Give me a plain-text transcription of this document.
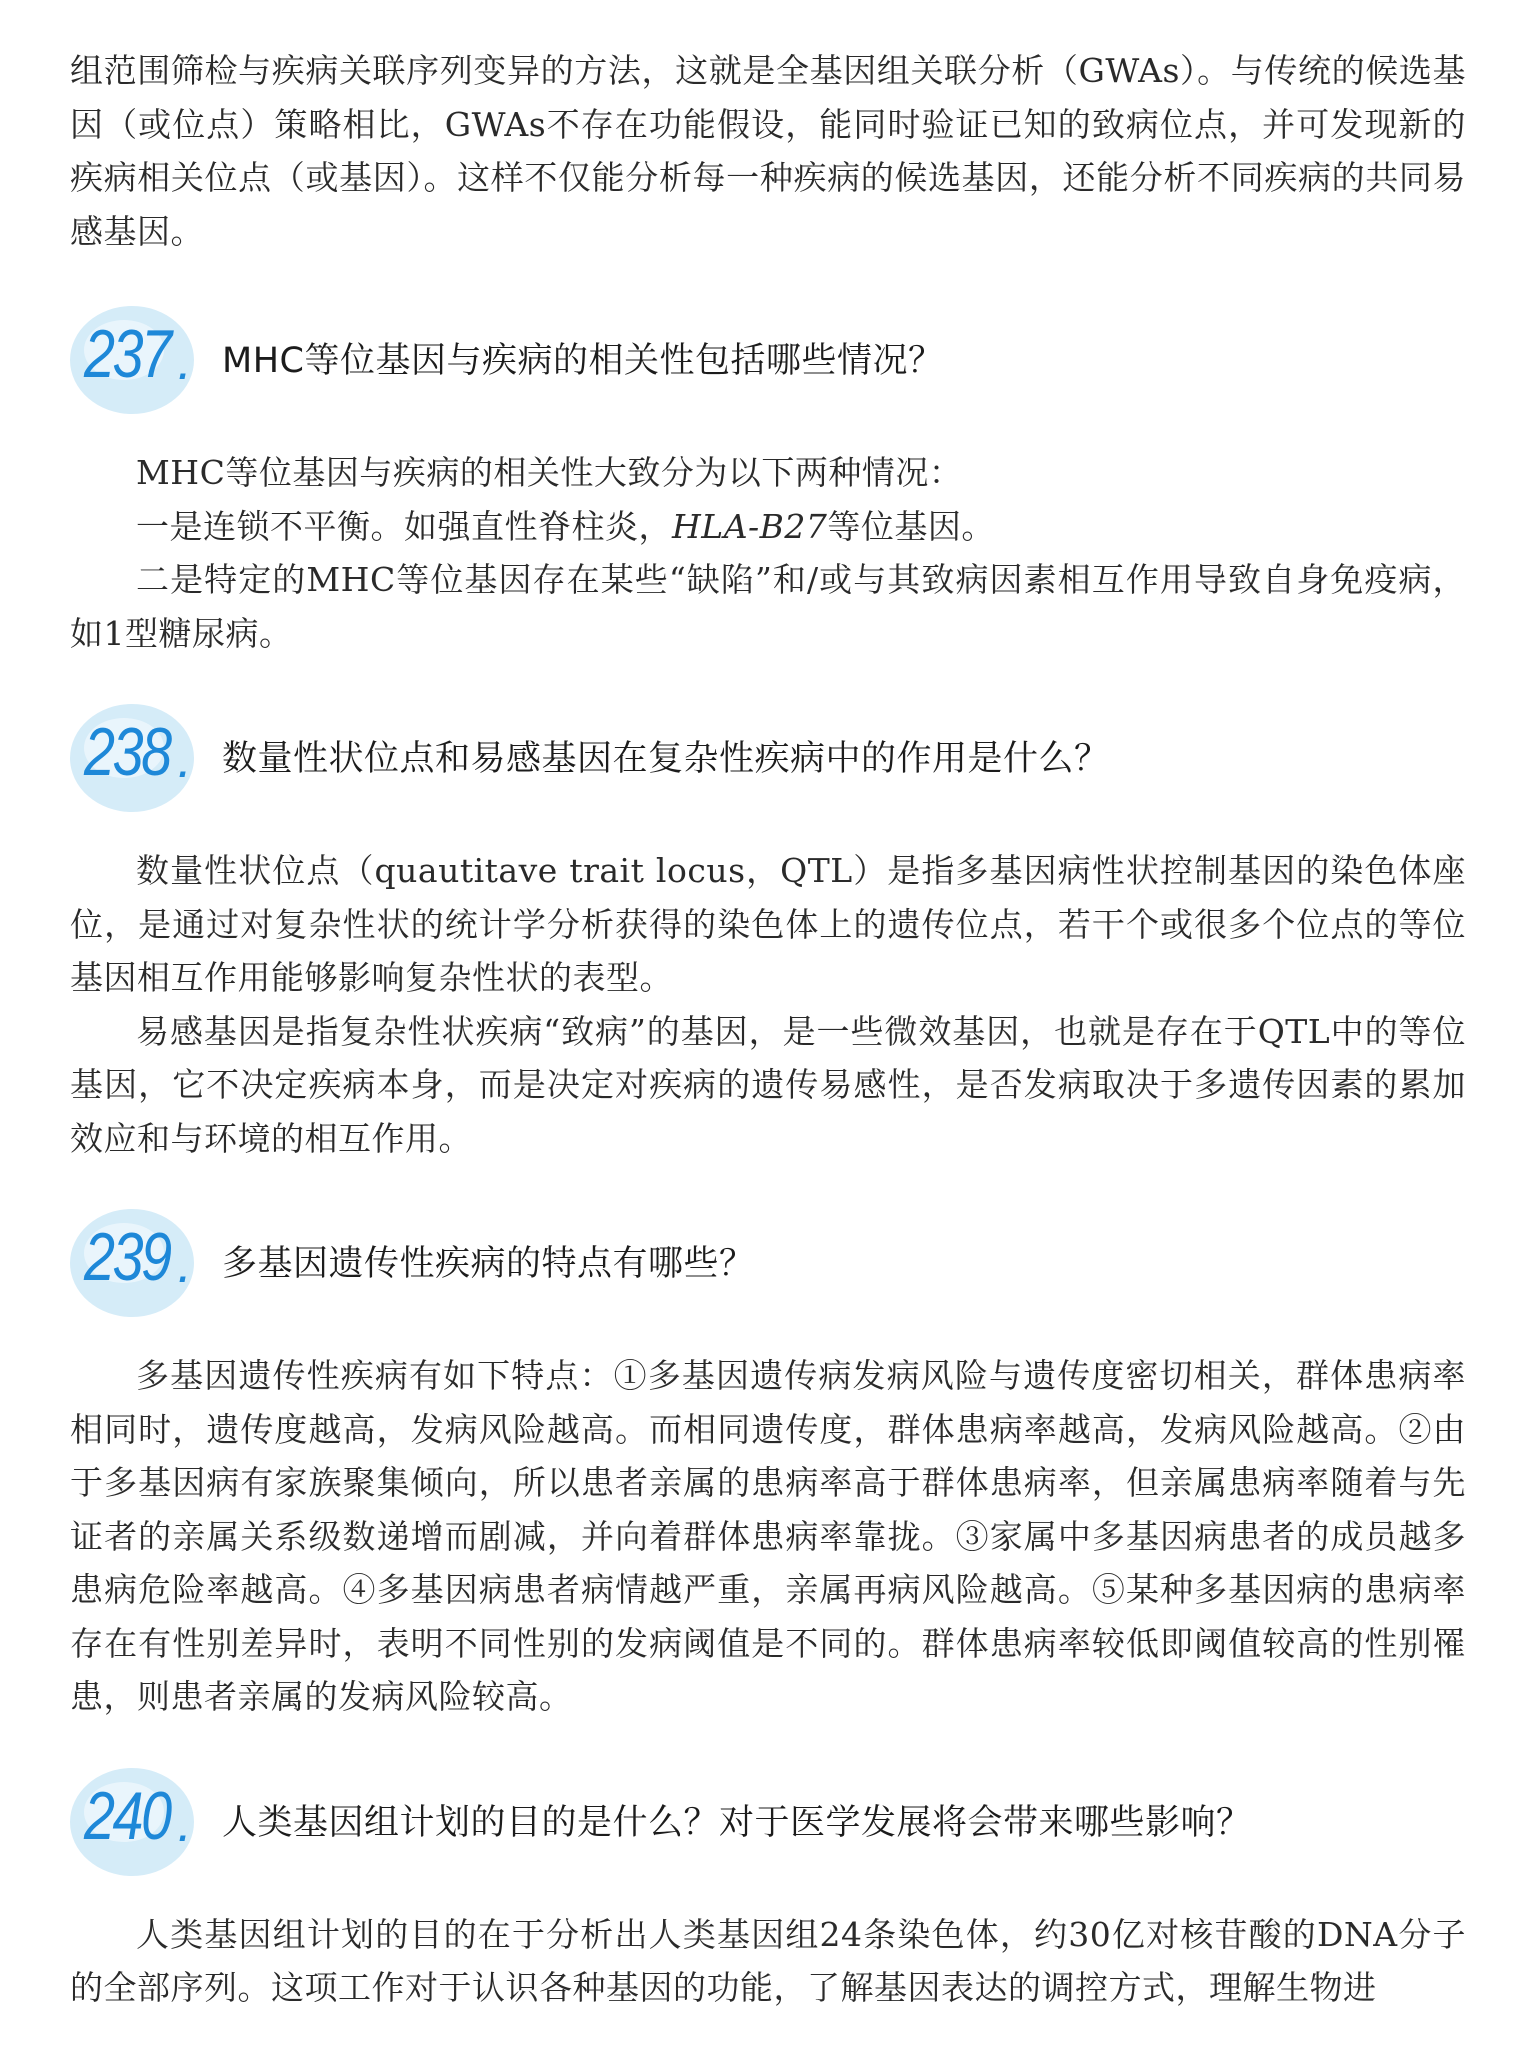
组范围筛检与疾病关联序列变异的方法，这就是全基因组关联分析（GWAs）。与传统的候选基因（或位点）策略相比，GWAs不存在功能假设，能同时验证已知的致病位点，并可发现新的疾病相关位点（或基因）。这样不仅能分析每一种疾病的候选基因，还能分析不同疾病的共同易感基因。

237 . MHC等位基因与疾病的相关性包括哪些情况？

MHC等位基因与疾病的相关性大致分为以下两种情况：

一是连锁不平衡。如强直性脊柱炎，HLA-B27等位基因。

二是特定的MHC等位基因存在某些“缺陷”和/或与其致病因素相互作用导致自身免疫病，如1型糖尿病。

238 . 数量性状位点和易感基因在复杂性疾病中的作用是什么？

数量性状位点（quautitave trait locus，QTL）是指多基因病性状控制基因的染色体座位，是通过对复杂性状的统计学分析获得的染色体上的遗传位点，若干个或很多个位点的等位基因相互作用能够影响复杂性状的表型。

易感基因是指复杂性状疾病“致病”的基因，是一些微效基因，也就是存在于QTL中的等位基因，它不决定疾病本身，而是决定对疾病的遗传易感性，是否发病取决于多遗传因素的累加效应和与环境的相互作用。

239 . 多基因遗传性疾病的特点有哪些？

多基因遗传性疾病有如下特点：①多基因遗传病发病风险与遗传度密切相关，群体患病率相同时，遗传度越高，发病风险越高。而相同遗传度，群体患病率越高，发病风险越高。②由于多基因病有家族聚集倾向，所以患者亲属的患病率高于群体患病率，但亲属患病率随着与先证者的亲属关系级数递增而剧减，并向着群体患病率靠拢。③家属中多基因病患者的成员越多患病危险率越高。④多基因病患者病情越严重，亲属再病风险越高。⑤某种多基因病的患病率存在有性别差异时，表明不同性别的发病阈值是不同的。群体患病率较低即阈值较高的性别罹患，则患者亲属的发病风险较高。

240 . 人类基因组计划的目的是什么？对于医学发展将会带来哪些影响？

人类基因组计划的目的在于分析出人类基因组24条染色体，约30亿对核苷酸的DNA分子的全部序列。这项工作对于认识各种基因的功能，了解基因表达的调控方式，理解生物进
